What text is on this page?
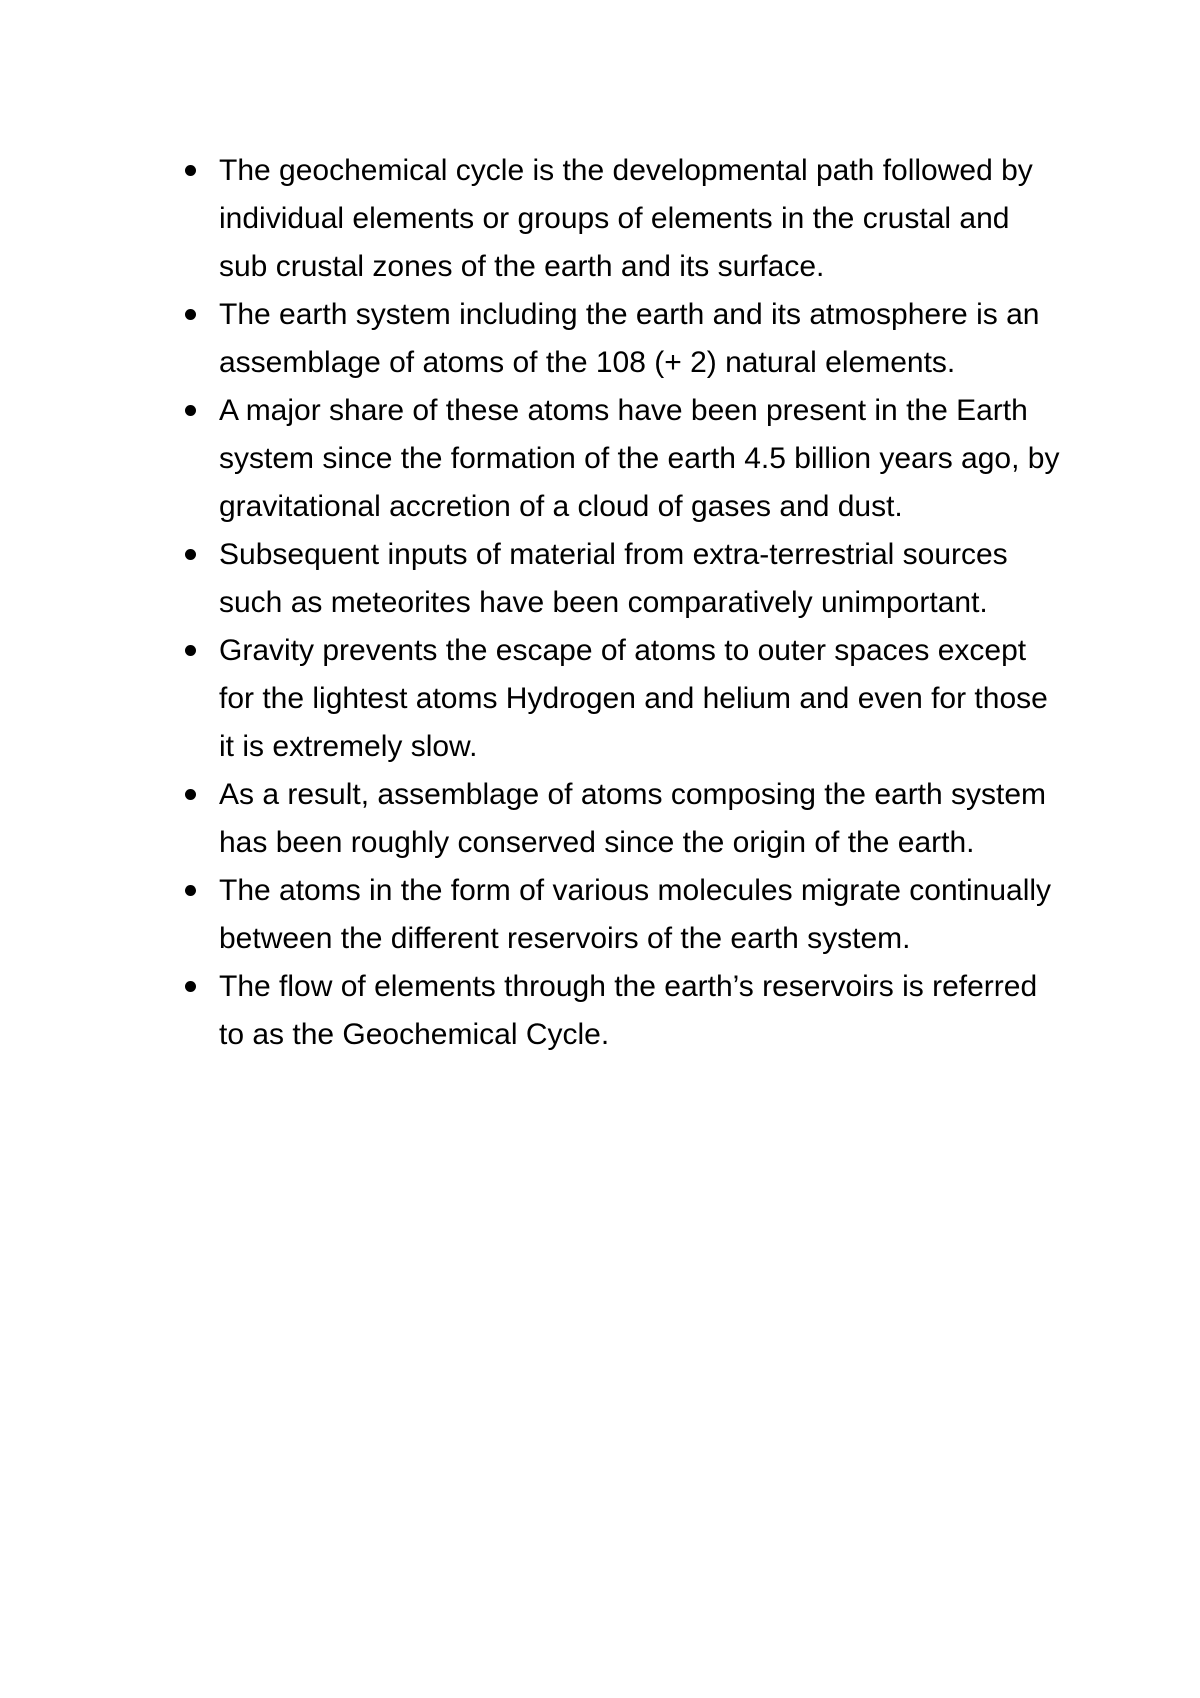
The geochemical cycle is the developmental path followed by individual elements or groups of elements in the crustal and sub crustal zones of the earth and its surface.
The earth system including the earth and its atmosphere is an assemblage of atoms of the 108 (+ 2) natural elements.
A major share of these atoms have been present in the Earth system since the formation of the earth 4.5 billion years ago, by gravitational accretion of a cloud of gases and dust.
Subsequent inputs of material from extra-terrestrial sources such as meteorites have been comparatively unimportant.
Gravity prevents the escape of atoms to outer spaces except for the lightest atoms Hydrogen and helium and even for those it is extremely slow.
As a result, assemblage of atoms composing the earth system has been roughly conserved since the origin of the earth.
The atoms in the form of various molecules migrate continually between the different reservoirs of the earth system.
The flow of elements through the earth’s reservoirs is referred to as the Geochemical Cycle.
